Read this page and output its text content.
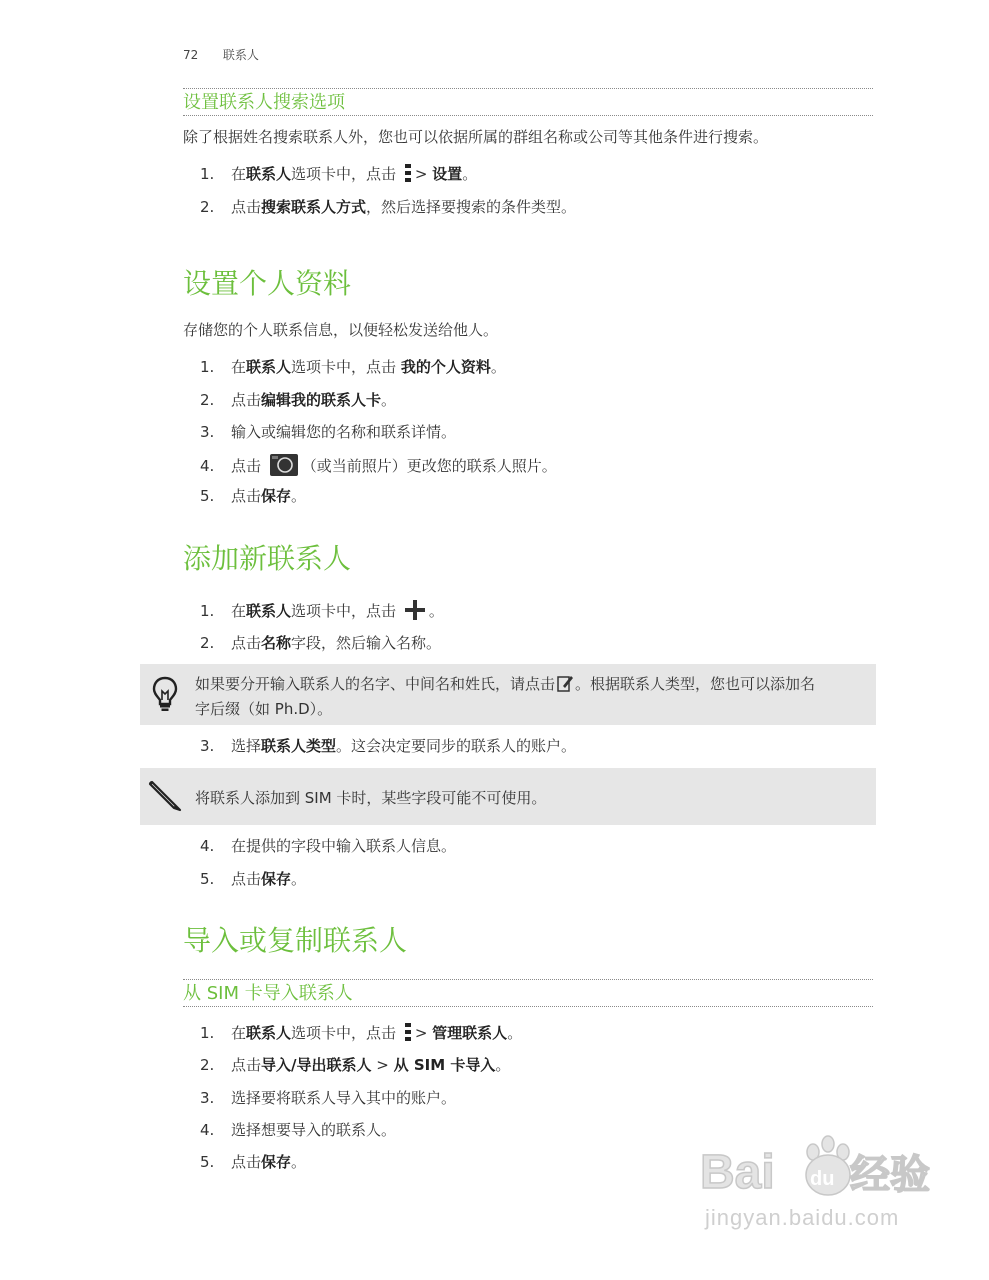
72 联系人
设置联系人搜索选项
除了根据姓名搜索联系人外，您也可以依据所属的群组名称或公司等其他条件进行搜索。
1. 在联系人选项卡中，点击 > 设置。
2. 点击搜索联系人方式，然后选择要搜索的条件类型。
设置个人资料
存储您的个人联系信息，以便轻松发送给他人。
1. 在联系人选项卡中，点击 我的个人资料。
2. 点击编辑我的联系人卡。
3. 输入或编辑您的名称和联系详情。
4. 点击	（或当前照片）更改您的联系人照片。
5. 点击保存。
添加新联系人
1. 在联系人选项卡中，点击 。
2. 点击名称字段，然后输入名称。
如果要分开输入联系人的名字、中间名和姓氏，请点击 。根据联系人类型，您也可以添加名
字后缀（如 Ph.D）。
3. 选择联系人类型。这会决定要同步的联系人的账户。
将联系人添加到 SIM 卡时，某些字段可能不可使用。
4. 在提供的字段中输入联系人信息。
5. 点击保存。
导入或复制联系人
从 SIM 卡导入联系人
1. 在联系人选项卡中，点击 > 管理联系人。
2. 点击导入/导出联系人 > 从 SIM 卡导入。
3. 选择要将联系人导入其中的账户。
4. 选择想要导入的联系人。
5. 点击保存。	Bai 经验
du
jingyan.baidu.com
